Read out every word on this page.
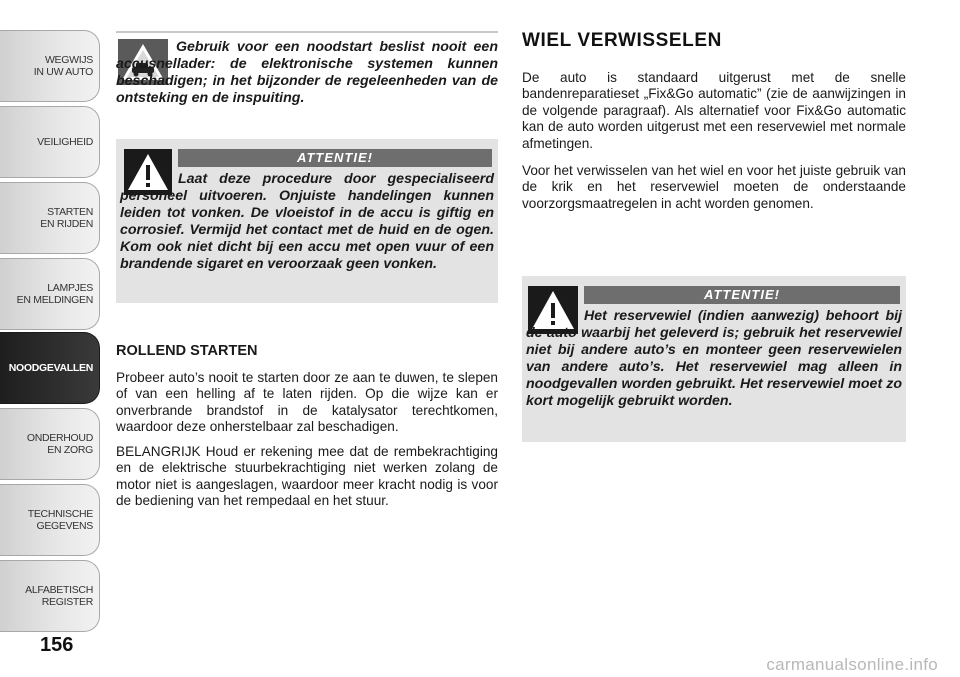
WEGWIJS
IN UW AUTO
VEILIGHEID
STARTEN
EN RIJDEN
LAMPJES
EN MELDINGEN
NOODGEVALLEN
ONDERHOUD
EN ZORG
TECHNISCHE
GEGEVENS
ALFABETISCH
REGISTER
156
Gebruik voor een noodstart beslist nooit een accusnellader: de elektronische systemen kunnen beschadigen; in het bijzonder de regeleenheden van de ontsteking en de inspuiting.
ATTENTIE!
Laat deze procedure door gespecialiseerd personeel uitvoeren. Onjuiste handelingen kunnen leiden tot vonken. De vloeistof in de accu is giftig en corrosief. Vermijd het contact met de huid en de ogen. Kom ook niet dicht bij een accu met open vuur of een brandende sigaret en veroorzaak geen vonken.
ROLLEND STARTEN
Probeer auto’s nooit te starten door ze aan te duwen, te slepen of van een helling af te laten rijden. Op die wijze kan er onverbrande brandstof in de katalysator terechtkomen, waardoor deze onherstelbaar zal beschadigen.
BELANGRIJK Houd er rekening mee dat de rembekrachtiging en de elektrische stuurbekrachtiging niet werken zolang de motor niet is aangeslagen, waardoor meer kracht nodig is voor de bediening van het rempedaal en het stuur.
WIEL VERWISSELEN
De auto is standaard uitgerust met de snelle bandenreparatieset „Fix&Go automatic” (zie de aanwijzingen in de volgende paragraaf). Als alternatief voor Fix&Go automatic kan de auto worden uitgerust met een reservewiel met normale afmetingen.
Voor het verwisselen van het wiel en voor het juiste gebruik van de krik en het reservewiel moeten de onderstaande voorzorgsmaatregelen in acht worden genomen.
ATTENTIE!
Het reservewiel (indien aanwezig) behoort bij de auto waarbij het geleverd is; gebruik het reservewiel niet bij andere auto’s en monteer geen reservewielen van andere auto’s. Het reservewiel mag alleen in noodgevallen worden gebruikt. Het reservewiel moet zo kort mogelijk gebruikt worden.
carmanualsonline.info
